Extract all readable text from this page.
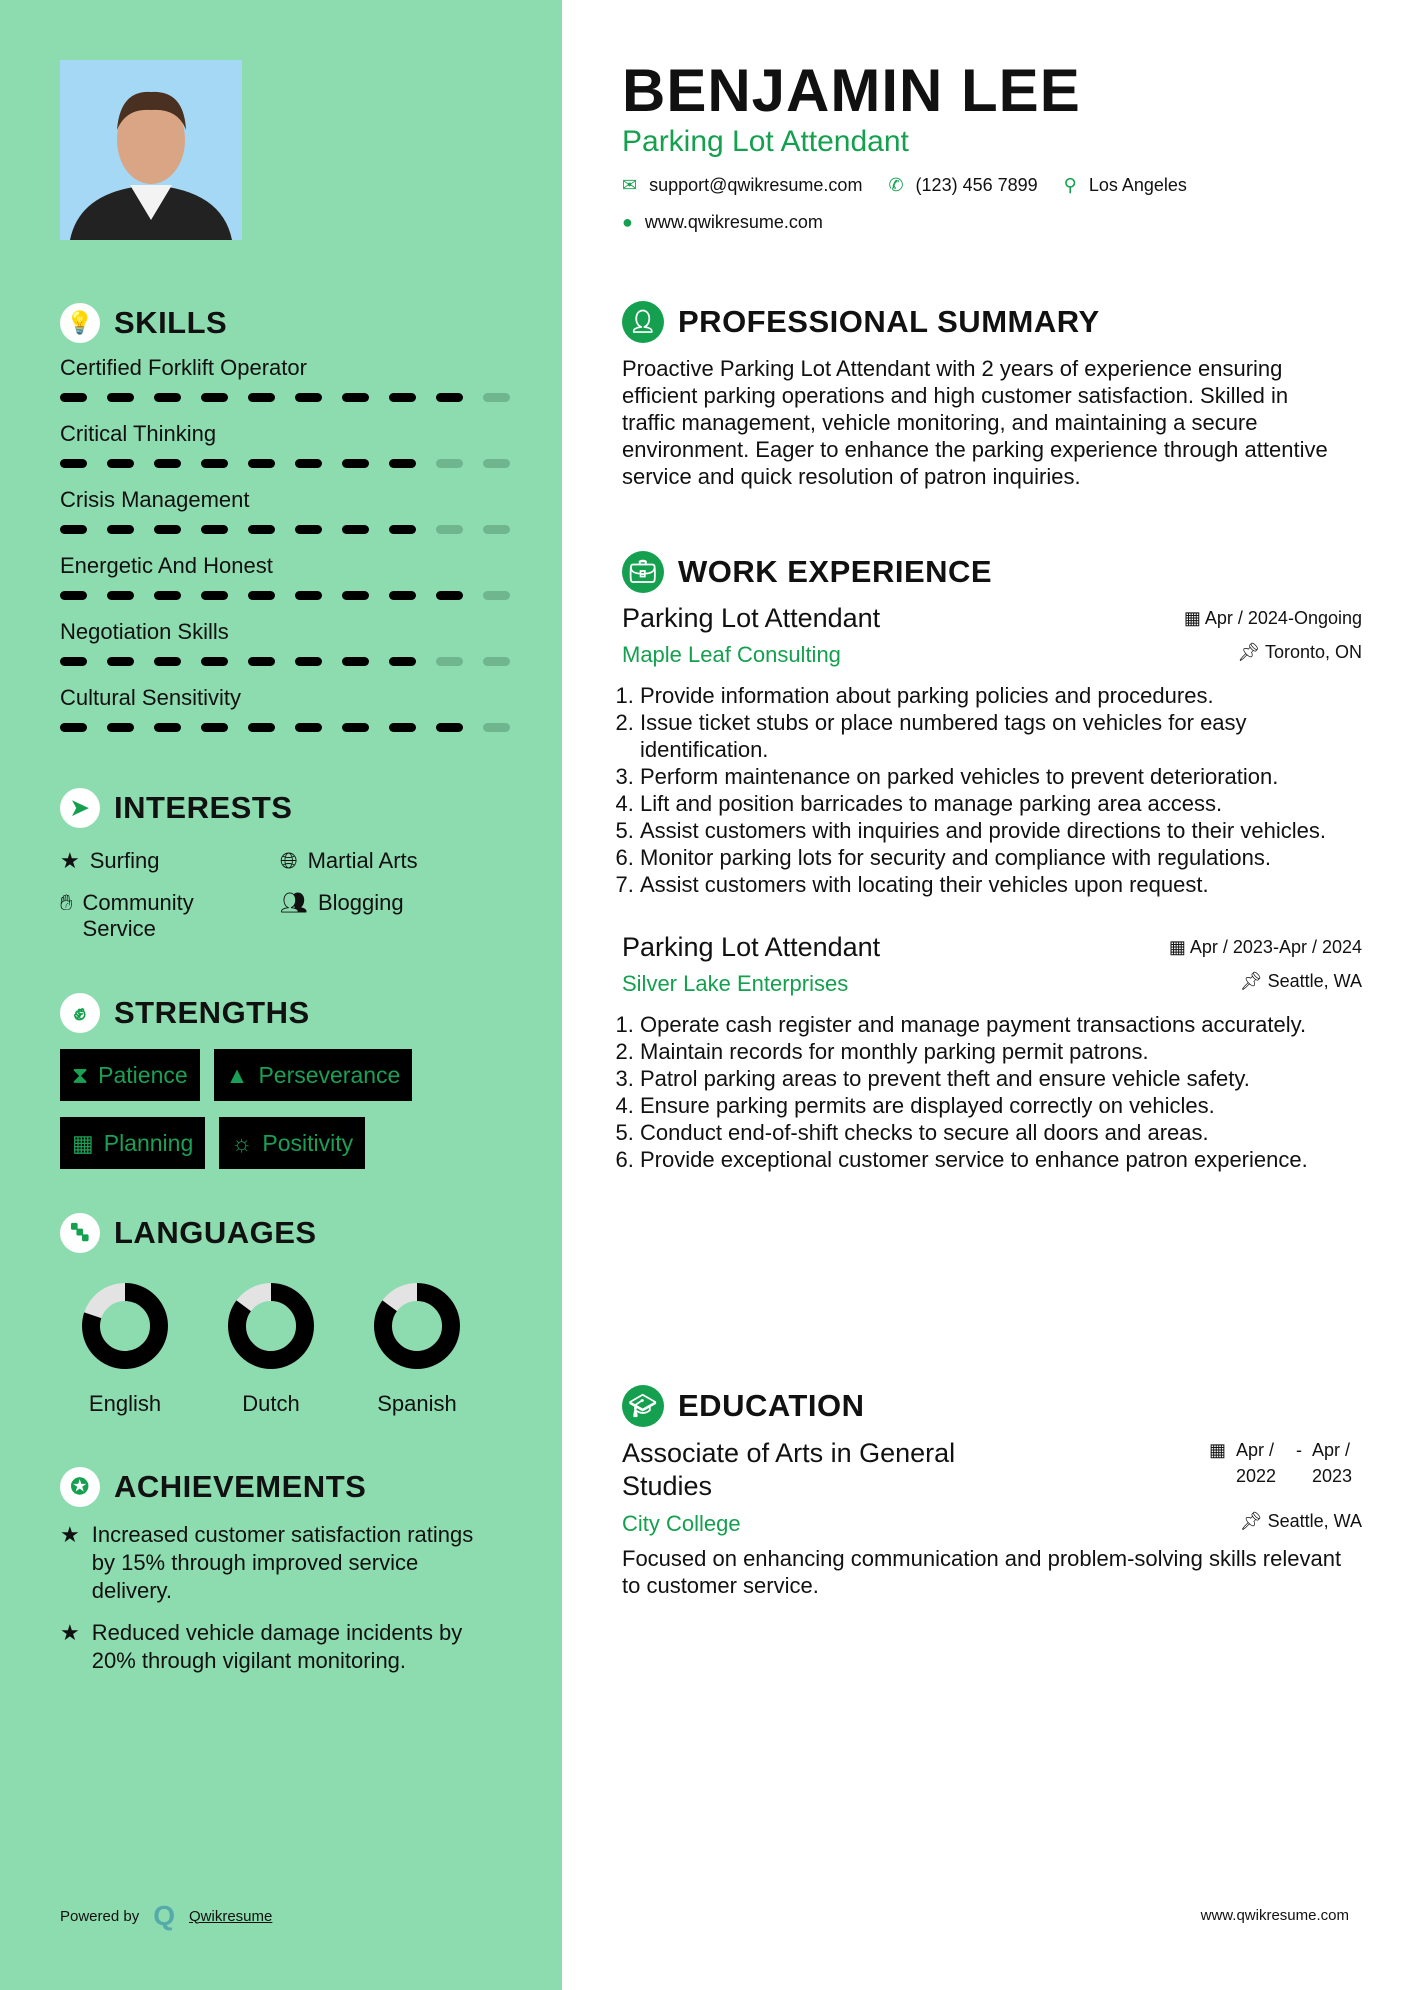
💡 SKILLS
Certified Forklift Operator
Critical Thinking
Crisis Management
Energetic And Honest
Negotiation Skills
Cultural Sensitivity
➤ INTERESTS
★ Surfing	🌐︎ Martial Arts
✋︎ Community Service
👥︎ Blogging
✊︎ STRENGTHS
⧗ Patience ▲ Perseverance
▦ Planning ☼ Positivity
🔤︎ LANGUAGES
English	Dutch	Spanish
✪ ACHIEVEMENTS
★ Increased customer satisfaction ratings by 15% through improved service delivery.
★ Reduced vehicle damage incidents by 20% through vigilant monitoring.
Powered by Q Qwikresume
BENJAMIN LEE
Parking Lot Attendant
✉ support@qwikresume.com ✆ (123) 456 7899 ⚲ Los Angeles
● www.qwikresume.com
👤︎ PROFESSIONAL SUMMARY

Proactive Parking Lot Attendant with 2 years of experience ensuring efficient parking operations and high customer satisfaction. Skilled in traffic management, vehicle monitoring, and maintaining a secure environment. Eager to enhance the parking experience through attentive service and quick resolution of patron inquiries.

💼︎ WORK EXPERIENCE
Parking Lot Attendant	▦ Apr / 2024-Ongoing
Maple Leaf Consulting	📌︎ Toronto, ON
1. Provide information about parking policies and procedures.
2. Issue ticket stubs or place numbered tags on vehicles for easy identification.
3. Perform maintenance on parked vehicles to prevent deterioration.
4. Lift and position barricades to manage parking area access.
5. Assist customers with inquiries and provide directions to their vehicles.
6. Monitor parking lots for security and compliance with regulations.
7. Assist customers with locating their vehicles upon request.
Parking Lot Attendant	▦ Apr / 2023-Apr / 2024
Silver Lake Enterprises	📌︎ Seattle, WA
1. Operate cash register and manage payment transactions accurately.
2. Maintain records for monthly parking permit patrons.
3. Patrol parking areas to prevent theft and ensure vehicle safety.
4. Ensure parking permits are displayed correctly on vehicles.
5. Conduct end-of-shift checks to secure all doors and areas.
6. Provide exceptional customer service to enhance patron experience.
🎓︎ EDUCATION
Associate of Arts in General Studies
▦ Apr / 2022
- Apr / 2023
City College	📌︎ Seattle, WA

Focused on enhancing communication and problem-solving skills relevant to customer service.

www.qwikresume.com
